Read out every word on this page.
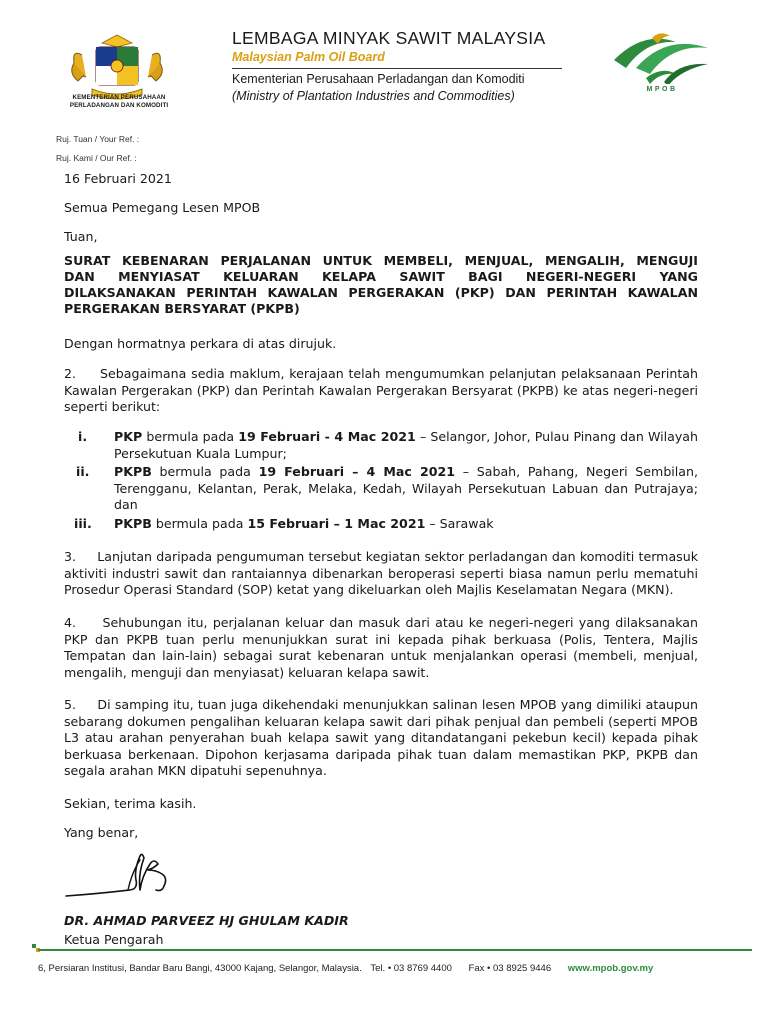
KEMENTERIAN PERUSAHAAN
PERLADANGAN DAN KOMODITI
LEMBAGA MINYAK SAWIT MALAYSIA
Malaysian Palm Oil Board
Kementerian Perusahaan Perladangan dan Komoditi
(Ministry of Plantation Industries and Commodities)	MPOB
Ruj. Tuan / Your Ref. :
Ruj. Kami / Our Ref. :
16 Februari 2021
Semua Pemegang Lesen MPOB
Tuan,
SURAT KEBENARAN PERJALANAN UNTUK MEMBELI, MENJUAL, MENGALIH, MENGUJI
DAN MENYIASAT KELUARAN KELAPA SAWIT BAGI NEGERI-NEGERI YANG
DILAKSANAKAN PERINTAH KAWALAN PERGERAKAN (PKP) DAN PERINTAH KAWALAN
PERGERAKAN BERSYARAT (PKPB)
Dengan hormatnya perkara di atas dirujuk.
2.     Sebagaimana sedia maklum, kerajaan telah mengumumkan pelanjutan pelaksanaan Perintah Kawalan Pergerakan (PKP) dan Perintah Kawalan Pergerakan Bersyarat (PKPB) ke atas negeri-negeri seperti berikut:
i. PKP bermula pada 19 Februari - 4 Mac 2021 – Selangor, Johor, Pulau Pinang dan Wilayah Persekutuan Kuala Lumpur;
ii. PKPB bermula pada 19 Februari – 4 Mac 2021 – Sabah, Pahang, Negeri Sembilan, Terengganu, Kelantan, Perak, Melaka, Kedah, Wilayah Persekutuan Labuan dan Putrajaya; dan
iii. PKPB bermula pada 15 Februari – 1 Mac 2021 – Sarawak
3.     Lanjutan daripada pengumuman tersebut kegiatan sektor perladangan dan komoditi termasuk aktiviti industri sawit dan rantaiannya dibenarkan beroperasi seperti biasa namun perlu mematuhi Prosedur Operasi Standard (SOP) ketat yang dikeluarkan oleh Majlis Keselamatan Negara (MKN).
4.     Sehubungan itu, perjalanan keluar dan masuk dari atau ke negeri-negeri yang dilaksanakan PKP dan PKPB tuan perlu menunjukkan surat ini kepada pihak berkuasa (Polis, Tentera, Majlis Tempatan dan lain-lain) sebagai surat kebenaran untuk menjalankan operasi (membeli, menjual, mengalih, menguji dan menyiasat) keluaran kelapa sawit.
5.     Di samping itu, tuan juga dikehendaki menunjukkan salinan lesen MPOB yang dimiliki ataupun sebarang dokumen pengalihan keluaran kelapa sawit dari pihak penjual dan pembeli (seperti MPOB L3 atau arahan penyerahan buah kelapa sawit yang ditandatangani pekebun kecil) kepada pihak berkuasa berkenaan. Dipohon kerjasama daripada pihak tuan dalam memastikan PKP, PKPB dan segala arahan MKN dipatuhi sepenuhnya.
Sekian, terima kasih.
Yang benar,
DR. AHMAD PARVEEZ HJ GHULAM KADIR
Ketua Pengarah
6, Persiaran Institusi, Bandar Baru Bangi, 43000 Kajang, Selangor, Malaysia. Tel. • 03 8769 4400 Fax • 03 8925 9446 www.mpob.gov.my
